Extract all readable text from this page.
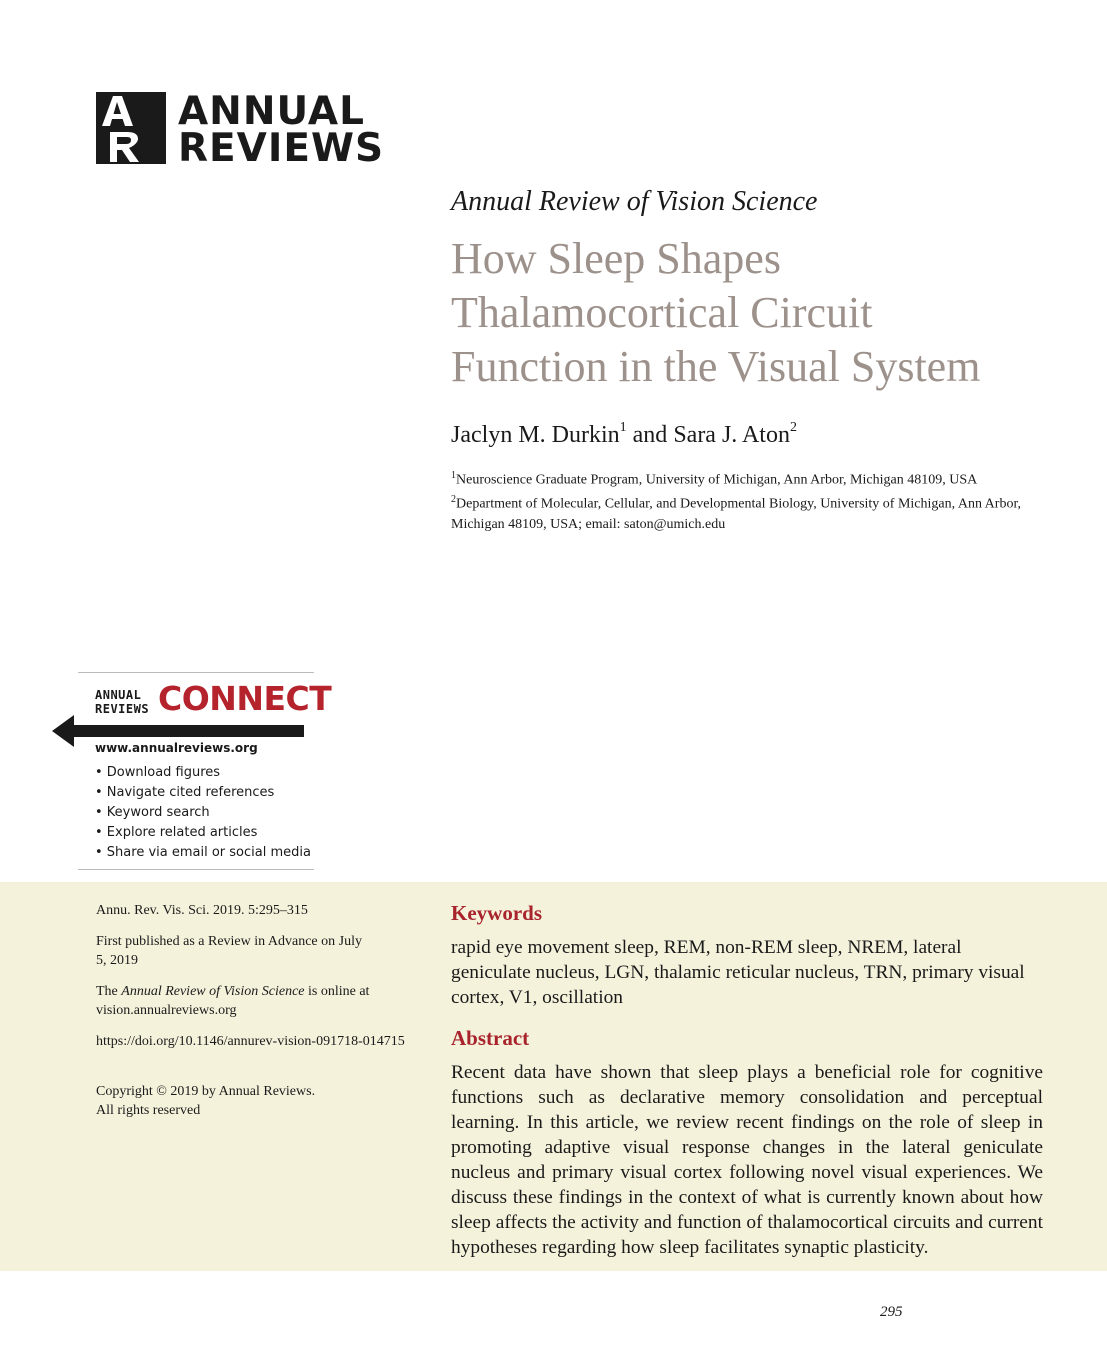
ANNUAL
REVIEWS
Annual Review of Vision Science
How Sleep Shapes
Thalamocortical Circuit
Function in the Visual System
Jaclyn M. Durkin$^1$ and Sara J. Aton$^2$
$^1$Neuroscience Graduate Program, University of Michigan, Ann Arbor, Michigan 48109, USA
$^2$Department of Molecular, Cellular, and Developmental Biology, University of Michigan, Ann Arbor, Michigan 48109, USA; email: saton@umich.edu
ANNUAL
REVIEWS CONNECT
www.annualreviews.org
• Download figures
• Navigate cited references
• Keyword search
• Explore related articles
• Share via email or social media
Annu. Rev. Vis. Sci. 2019. 5:295–315
First published as a Review in Advance on July 5, 2019
The Annual Review of Vision Science is online at vision.annualreviews.org
https://doi.org/10.1146/annurev-vision-091718-014715
Copyright © 2019 by Annual Reviews.
All rights reserved
Keywords
rapid eye movement sleep, REM, non-REM sleep, NREM, lateral geniculate nucleus, LGN, thalamic reticular nucleus, TRN, primary visual cortex, V1, oscillation
Abstract
Recent data have shown that sleep plays a beneficial role for cognitive functions such as declarative memory consolidation and perceptual learning. In this article, we review recent findings on the role of sleep in promoting adaptive visual response changes in the lateral geniculate nucleus and primary visual cortex following novel visual experiences. We discuss these findings in the context of what is currently known about how sleep affects the activity and function of thalamocortical circuits and current hypotheses regarding how sleep facilitates synaptic plasticity.
295
